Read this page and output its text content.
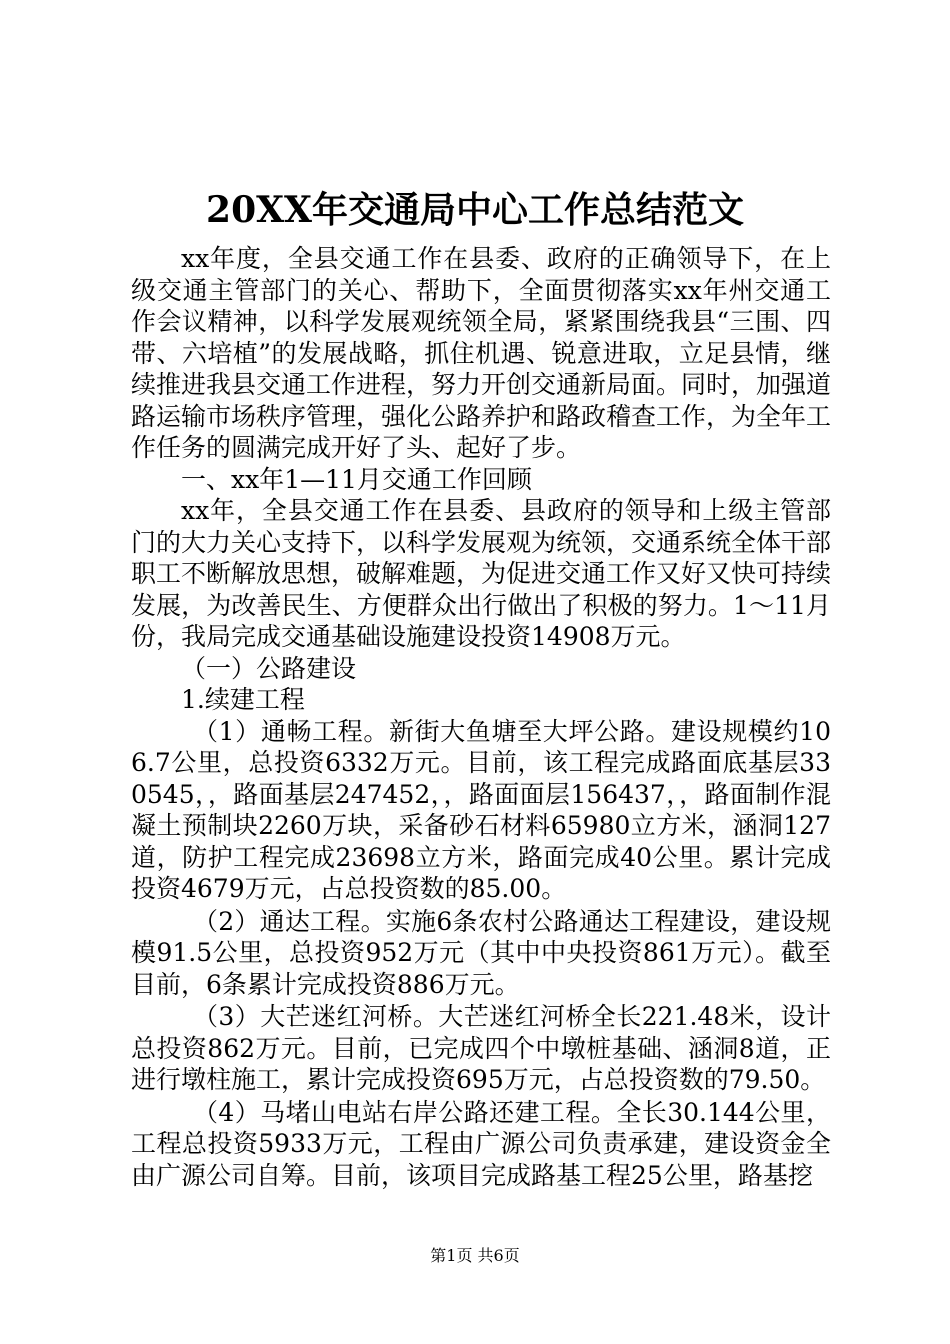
20XX年交通局中心工作总结范文

xx年度，全县交通工作在县委、政府的正确领导下，在上级交通主管部门的关心、帮助下，全面贯彻落实xx年州交通工作会议精神，以科学发展观统领全局，紧紧围绕我县“三围、四带、六培植”的发展战略，抓住机遇、锐意进取，立足县情，继续推进我县交通工作进程，努力开创交通新局面。同时，加强道路运输市场秩序管理，强化公路养护和路政稽查工作，为全年工作任务的圆满完成开好了头、起好了步。

一、xx年1—11月交通工作回顾

xx年，全县交通工作在县委、县政府的领导和上级主管部门的大力关心支持下，以科学发展观为统领，交通系统全体干部职工不断解放思想，破解难题，为促进交通工作又好又快可持续发展，为改善民生、方便群众出行做出了积极的努力。1～11月份，我局完成交通基础设施建设投资14908万元。

（一）公路建设

1.续建工程

（1）通畅工程。新街大鱼塘至大坪公路。建设规模约106.7公里，总投资6332万元。目前，该工程完成路面底基层330545，，路面基层247452，，路面面层156437，，路面制作混凝土预制块2260万块，采备砂石材料65980立方米，涵洞127道，防护工程完成23698立方米，路面完成40公里。累计完成投资4679万元，占总投资数的85.00。

（2）通达工程。实施6条农村公路通达工程建设，建设规模91.5公里，总投资952万元（其中中央投资861万元）。截至目前，6条累计完成投资886万元。

（3）大芒迷红河桥。大芒迷红河桥全长221.48米，设计总投资862万元。目前，已完成四个中墩桩基础、涵洞8道，正进行墩柱施工，累计完成投资695万元，占总投资数的79.50。

（4）马堵山电站右岸公路还建工程。全长30.144公里，工程总投资5933万元，工程由广源公司负责承建，建设资金全由广源公司自筹。目前，该项目完成路基工程25公里，路基挖

第1页 共6页
